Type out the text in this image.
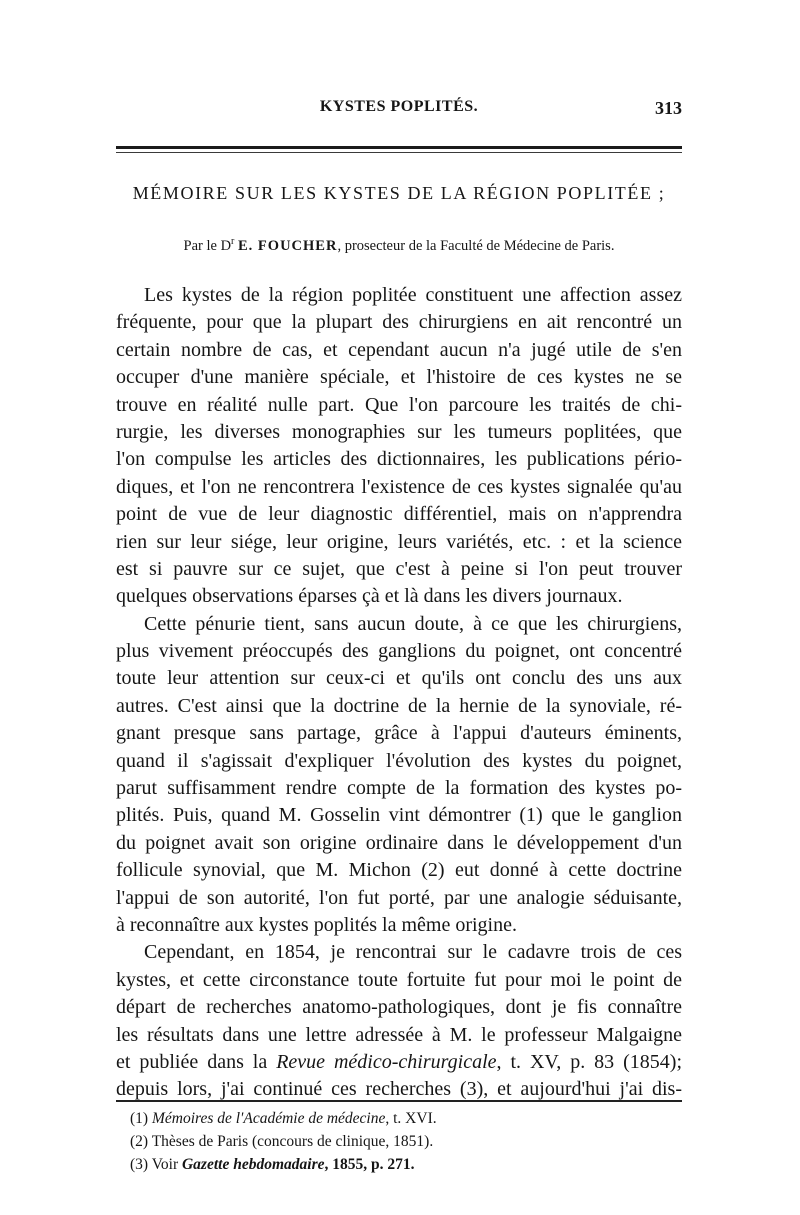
KYSTES POPLITÉS.	313
MÉMOIRE SUR LES KYSTES DE LA RÉGION POPLITÉE ;
Par le $D^r$ E. FOUCHER, prosecteur de la Faculté de Médecine de Paris.
Les kystes de la région poplitée constituent une affection assez
fréquente, pour que la plupart des chirurgiens en ait rencontré un
certain nombre de cas, et cependant aucun n'a jugé utile de s'en
occuper d'une manière spéciale, et l'histoire de ces kystes ne se
trouve en réalité nulle part. Que l'on parcoure les traités de chi-
rurgie, les diverses monographies sur les tumeurs poplitées, que
l'on compulse les articles des dictionnaires, les publications pério-
diques, et l'on ne rencontrera l'existence de ces kystes signalée qu'au
point de vue de leur diagnostic différentiel, mais on n'apprendra
rien sur leur siége, leur origine, leurs variétés, etc. : et la science
est si pauvre sur ce sujet, que c'est à peine si l'on peut trouver
quelques observations éparses çà et là dans les divers journaux.
Cette pénurie tient, sans aucun doute, à ce que les chirurgiens,
plus vivement préoccupés des ganglions du poignet, ont concentré
toute leur attention sur ceux-ci et qu'ils ont conclu des uns aux
autres. C'est ainsi que la doctrine de la hernie de la synoviale, ré-
gnant presque sans partage, grâce à l'appui d'auteurs éminents,
quand il s'agissait d'expliquer l'évolution des kystes du poignet,
parut suffisamment rendre compte de la formation des kystes po-
plités. Puis, quand M. Gosselin vint démontrer (1) que le ganglion
du poignet avait son origine ordinaire dans le développement d'un
follicule synovial, que M. Michon (2) eut donné à cette doctrine
l'appui de son autorité, l'on fut porté, par une analogie séduisante,
à reconnaître aux kystes poplités la même origine.
Cependant, en 1854, je rencontrai sur le cadavre trois de ces
kystes, et cette circonstance toute fortuite fut pour moi le point de
départ de recherches anatomo-pathologiques, dont je fis connaître
les résultats dans une lettre adressée à M. le professeur Malgaigne
et publiée dans la Revue médico-chirurgicale, t. XV, p. 83 (1854);
depuis lors, j'ai continué ces recherches (3), et aujourd'hui j'ai dis-
(1) Mémoires de l'Académie de médecine, t. XVI.
(2) Thèses de Paris (concours de clinique, 1851).
(3) Voir Gazette hebdomadaire, 1855, p. 271.
